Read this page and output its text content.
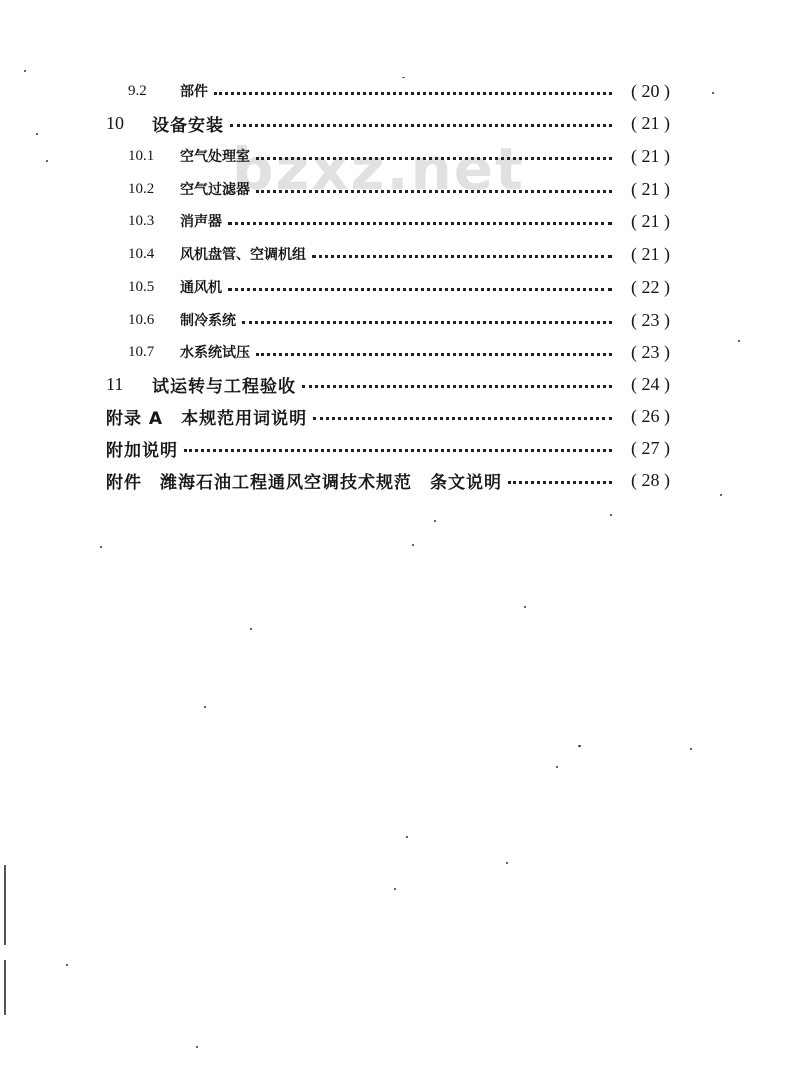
bzxz.net
9.2	部件	( 20 )
10	设备安装	( 21 )
10.1	空气处理室	( 21 )
10.2	空气过滤器	( 21 )
10.3	消声器	( 21 )
10.4	风机盘管、空调机组	( 21 )
10.5	通风机	( 22 )
10.6	制冷系统	( 23 )
10.7	水系统试压	( 23 )
11	试运转与工程验收	( 24 )
附录 A 本规范用词说明	( 26 )
附加说明	( 27 )
附件 潍海石油工程通风空调技术规范　条文说明	( 28 )
